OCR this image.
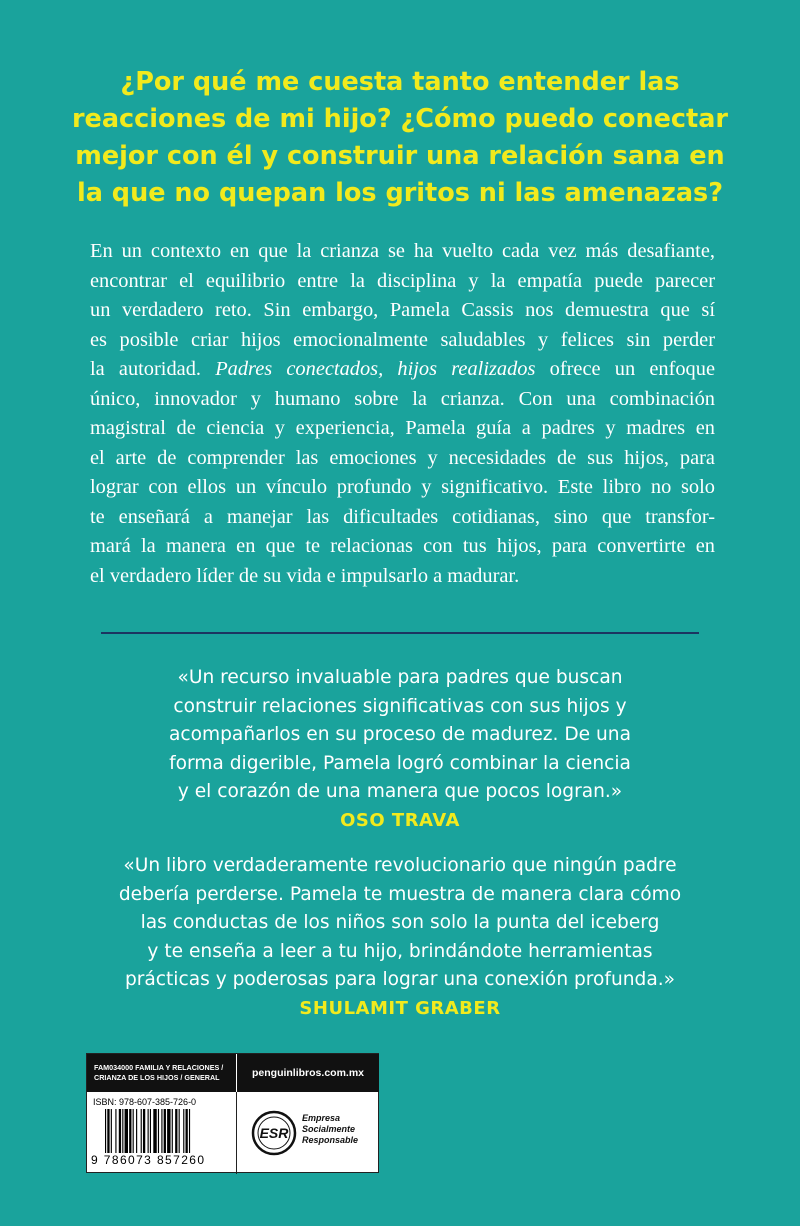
¿Por qué me cuesta tanto entender las
reacciones de mi hijo? ¿Cómo puedo conectar
mejor con él y construir una relación sana en
la que no quepan los gritos ni las amenazas?
En un contexto en que la crianza se ha vuelto cada vez más desafiante,
encontrar el equilibrio entre la disciplina y la empatía puede parecer
un verdadero reto. Sin embargo, Pamela Cassis nos demuestra que sí
es posible criar hijos emocionalmente saludables y felices sin perder
la autoridad. Padres conectados, hijos realizados ofrece un enfoque
único, innovador y humano sobre la crianza. Con una combinación
magistral de ciencia y experiencia, Pamela guía a padres y madres en
el arte de comprender las emociones y necesidades de sus hijos, para
lograr con ellos un vínculo profundo y significativo. Este libro no solo
te enseñará a manejar las dificultades cotidianas, sino que transfor-
mará la manera en que te relacionas con tus hijos, para convertirte en
el verdadero líder de su vida e impulsarlo a madurar.
«Un recurso invaluable para padres que buscan
construir relaciones significativas con sus hijos y
acompañarlos en su proceso de madurez. De una
forma digerible, Pamela logró combinar la ciencia
y el corazón de una manera que pocos logran.»
OSO TRAVA
«Un libro verdaderamente revolucionario que ningún padre
debería perderse. Pamela te muestra de manera clara cómo
las conductas de los niños son solo la punta del iceberg
y te enseña a leer a tu hijo, brindándote herramientas
prácticas y poderosas para lograr una conexión profunda.»
SHULAMIT GRABER
FAM034000 FAMILIA Y RELACIONES /
CRIANZA DE LOS HIJOS / GENERAL	penguinlibros.com.mx
ISBN: 978-607-385-726-0
9 786073 857260
ESR
Empresa
Socialmente
Responsable
